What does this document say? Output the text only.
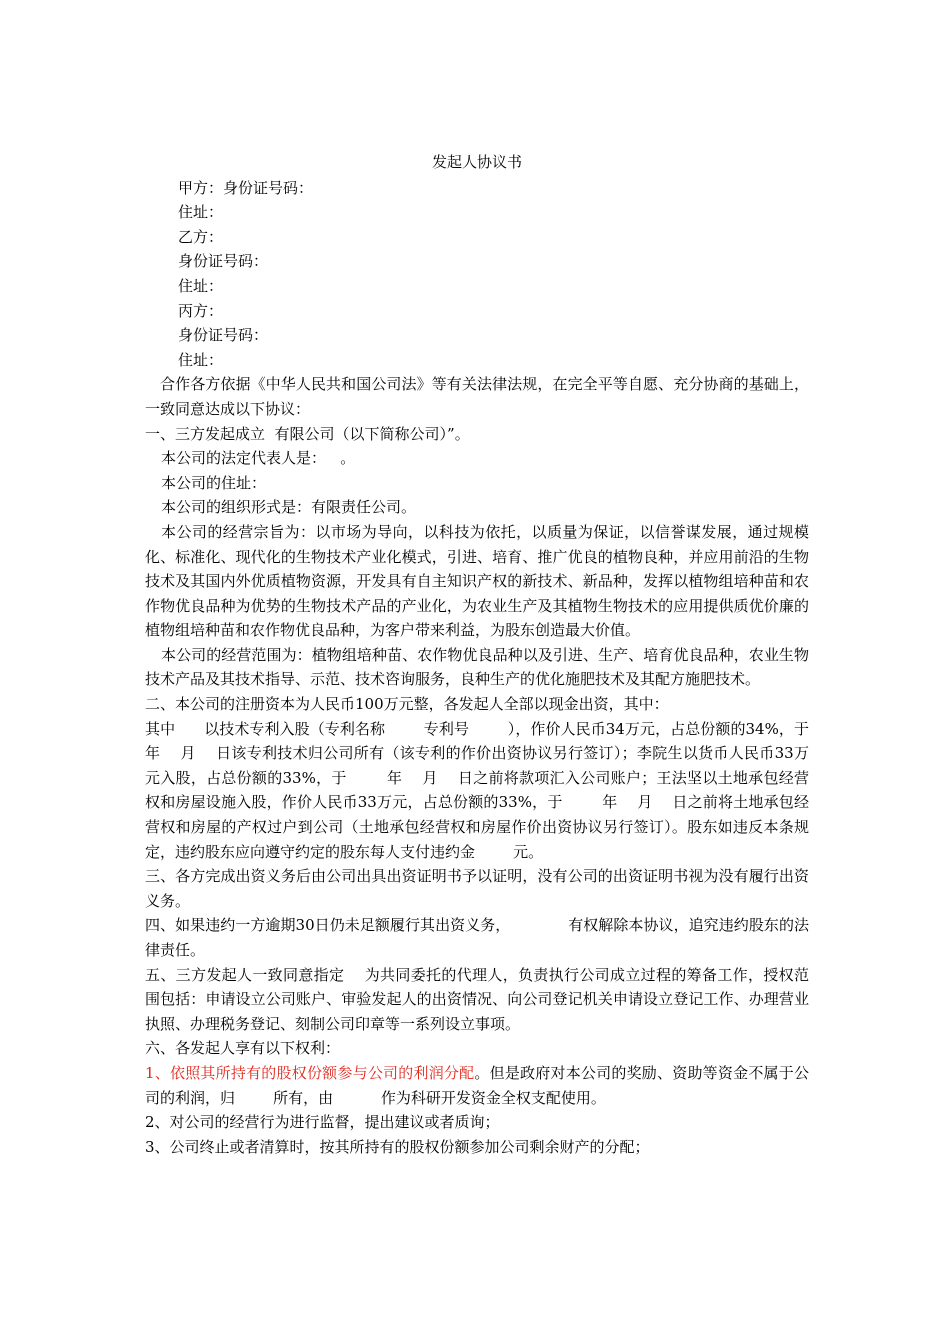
发起人协议书

甲方：身份证号码：

住址：

乙方：

身份证号码：

住址：

丙方：

身份证号码：

住址：

合作各方依据《中华人民共和国公司法》等有关法律法规，在完全平等自愿、充分协商的基础上，一致同意达成以下协议：

一、三方发起成立  有限公司（以下简称公司）”。

本公司的法定代表人是：   。

本公司的住址：

本公司的组织形式是：有限责任公司。

本公司的经营宗旨为：以市场为导向，以科技为依托，以质量为保证，以信誉谋发展，通过规模化、标准化、现代化的生物技术产业化模式，引进、培育、推广优良的植物良种，并应用前沿的生物技术及其国内外优质植物资源，开发具有自主知识产权的新技术、新品种，发挥以植物组培种苗和农作物优良品种为优势的生物技术产品的产业化，为农业生产及其植物生物技术的应用提供质优价廉的植物组培种苗和农作物优良品种，为客户带来利益，为股东创造最大价值。

本公司的经营范围为：植物组培种苗、农作物优良品种以及引进、生产、培育优良品种，农业生物技术产品及其技术指导、示范、技术咨询服务，良种生产的优化施肥技术及其配方施肥技术。

二、本公司的注册资本为人民币100万元整，各发起人全部以现金出资，其中：

其中      以技术专利入股（专利名称        专利号        ），作价人民币34万元，占总份额的34%，于        年    月    日该专利技术归公司所有（该专利的作价出资协议另行签订）；李院生以货币人民币33万元入股，占总份额的33%，于        年    月    日之前将款项汇入公司账户；王法坚以土地承包经营权和房屋设施入股，作价人民币33万元，占总份额的33%，于        年    月    日之前将土地承包经营权和房屋的产权过户到公司（土地承包经营权和房屋作价出资协议另行签订）。股东如违反本条规定，违约股东应向遵守约定的股东每人支付违约金        元。

三、各方完成出资义务后由公司出具出资证明书予以证明，没有公司的出资证明书视为没有履行出资义务。

四、如果违约一方逾期30日仍未足额履行其出资义务，            有权解除本协议，追究违约股东的法律责任。

五、三方发起人一致同意指定    为共同委托的代理人，负责执行公司成立过程的筹备工作，授权范围包括：申请设立公司账户、审验发起人的出资情况、向公司登记机关申请设立登记工作、办理营业执照、办理税务登记、刻制公司印章等一系列设立事项。

六、各发起人享有以下权利：

1、依照其所持有的股权份额参与公司的利润分配。但是政府对本公司的奖励、资助等资金不属于公司的利润，归        所有，由          作为科研开发资金全权支配使用。

2、对公司的经营行为进行监督，提出建议或者质询；

3、公司终止或者清算时，按其所持有的股权份额参加公司剩余财产的分配；
